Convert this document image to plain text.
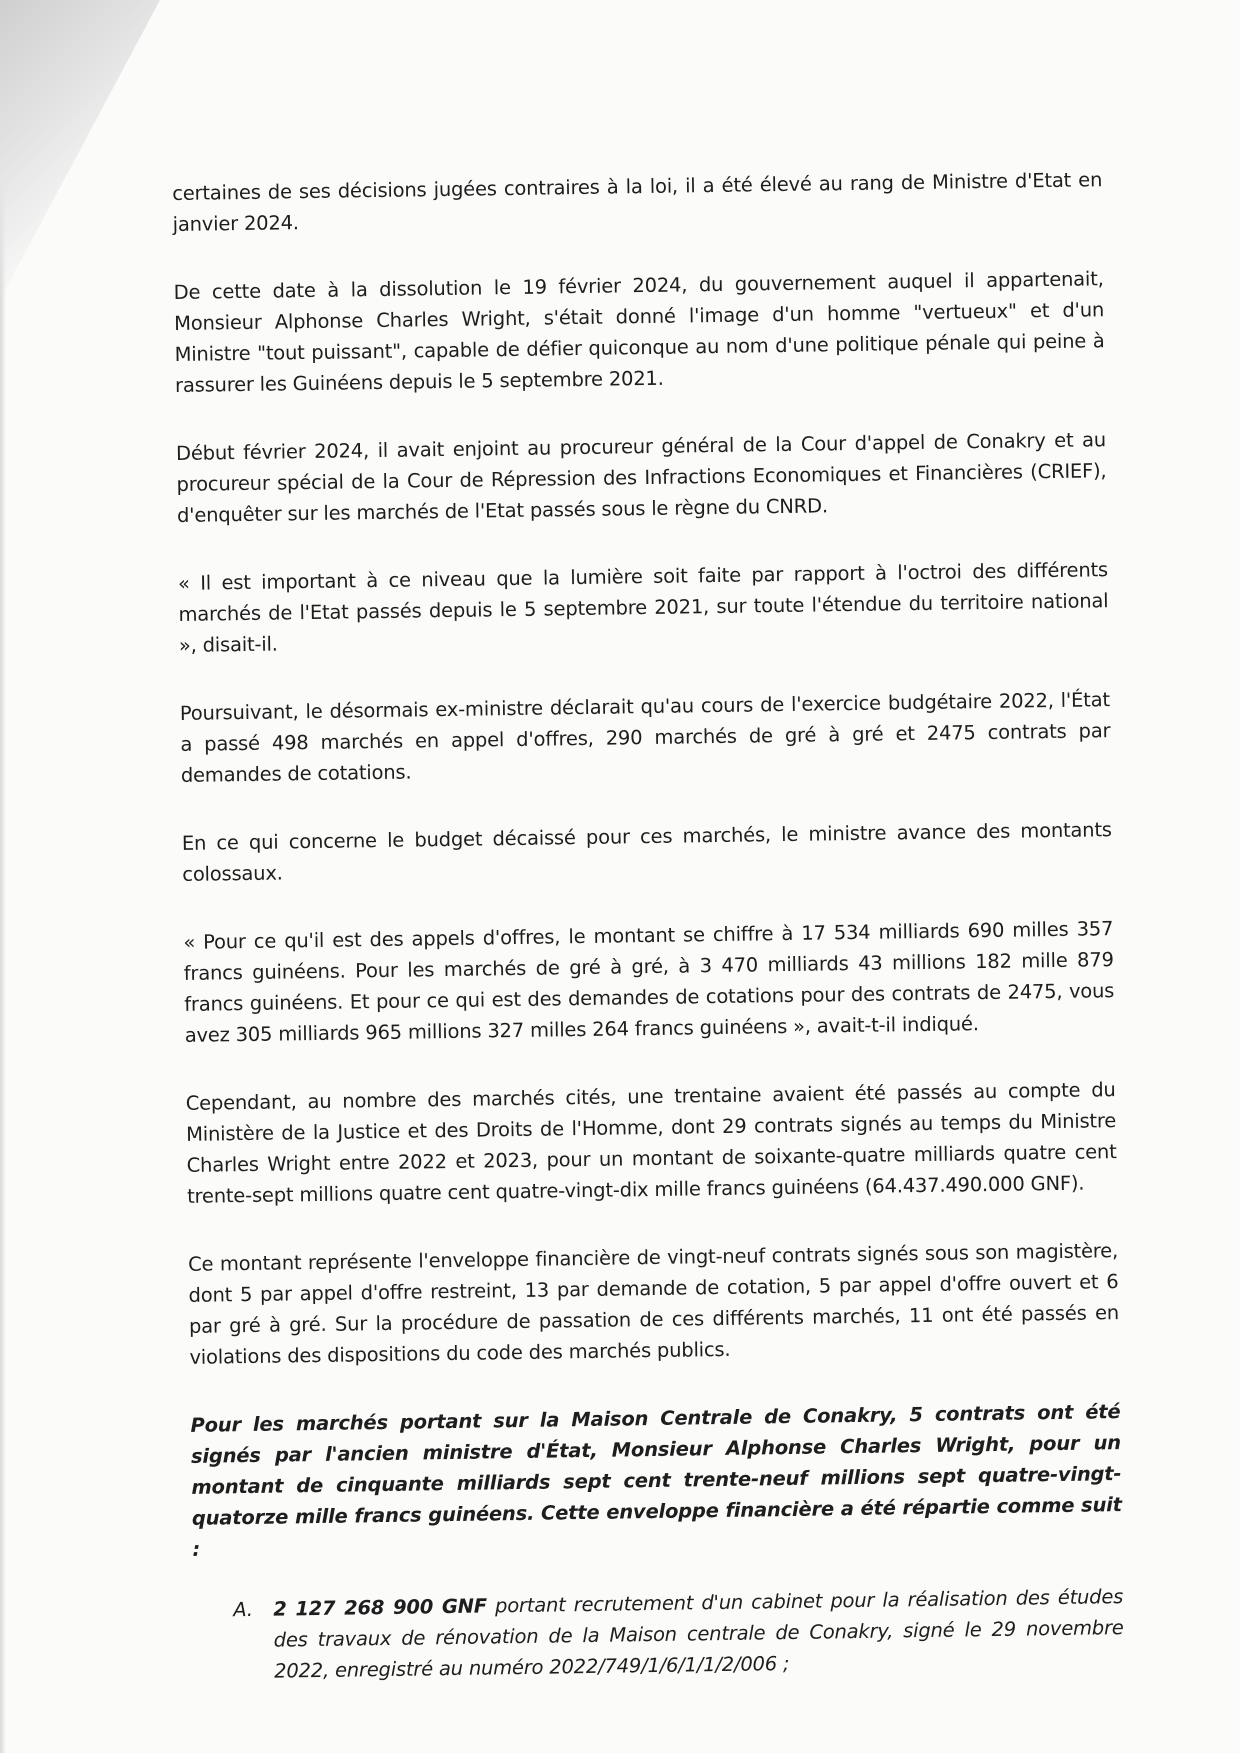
certaines de ses décisions jugées contraires à la loi, il a été élevé au rang de Ministre d'Etat en janvier 2024.

De cette date à la dissolution le 19 février 2024, du gouvernement auquel il appartenait, Monsieur Alphonse Charles Wright, s'était donné l'image d'un homme "vertueux" et d'un Ministre "tout puissant", capable de défier quiconque au nom d'une politique pénale qui peine à rassurer les Guinéens depuis le 5 septembre 2021.

Début février 2024, il avait enjoint au procureur général de la Cour d'appel de Conakry et au procureur spécial de la Cour de Répression des Infractions Economiques et Financières (CRIEF), d'enquêter sur les marchés de l'Etat passés sous le règne du CNRD.

« Il est important à ce niveau que la lumière soit faite par rapport à l'octroi des différents marchés de l'Etat passés depuis le 5 septembre 2021, sur toute l'étendue du territoire national », disait-il.

Poursuivant, le désormais ex-ministre déclarait qu'au cours de l'exercice budgétaire 2022, l'État a passé 498 marchés en appel d'offres, 290 marchés de gré à gré et 2475 contrats par demandes de cotations.

En ce qui concerne le budget décaissé pour ces marchés, le ministre avance des montants colossaux.

« Pour ce qu'il est des appels d'offres, le montant se chiffre à 17 534 milliards 690 milles 357 francs guinéens. Pour les marchés de gré à gré, à 3 470 milliards 43 millions 182 mille 879 francs guinéens. Et pour ce qui est des demandes de cotations pour des contrats de 2475, vous avez 305 milliards 965 millions 327 milles 264 francs guinéens », avait-t-il indiqué.

Cependant, au nombre des marchés cités, une trentaine avaient été passés au compte du Ministère de la Justice et des Droits de l'Homme, dont 29 contrats signés au temps du Ministre Charles Wright entre 2022 et 2023, pour un montant de soixante-quatre milliards quatre cent trente-sept millions quatre cent quatre-vingt-dix mille francs guinéens (64.437.490.000 GNF).

Ce montant représente l'enveloppe financière de vingt-neuf contrats signés sous son magistère, dont 5 par appel d'offre restreint, 13 par demande de cotation, 5 par appel d'offre ouvert et 6 par gré à gré. Sur la procédure de passation de ces différents marchés, 11 ont été passés en violations des dispositions du code des marchés publics.

Pour les marchés portant sur la Maison Centrale de Conakry, 5 contrats ont été signés par l'ancien ministre d'État, Monsieur Alphonse Charles Wright, pour un montant de cinquante milliards sept cent trente-neuf millions sept quatre-vingt-quatorze mille francs guinéens. Cette enveloppe financière a été répartie comme suit :

A. 2 127 268 900 GNF portant recrutement d'un cabinet pour la réalisation des études des travaux de rénovation de la Maison centrale de Conakry, signé le 29 novembre 2022, enregistré au numéro 2022/749/1/6/1/1/2/006 ;
